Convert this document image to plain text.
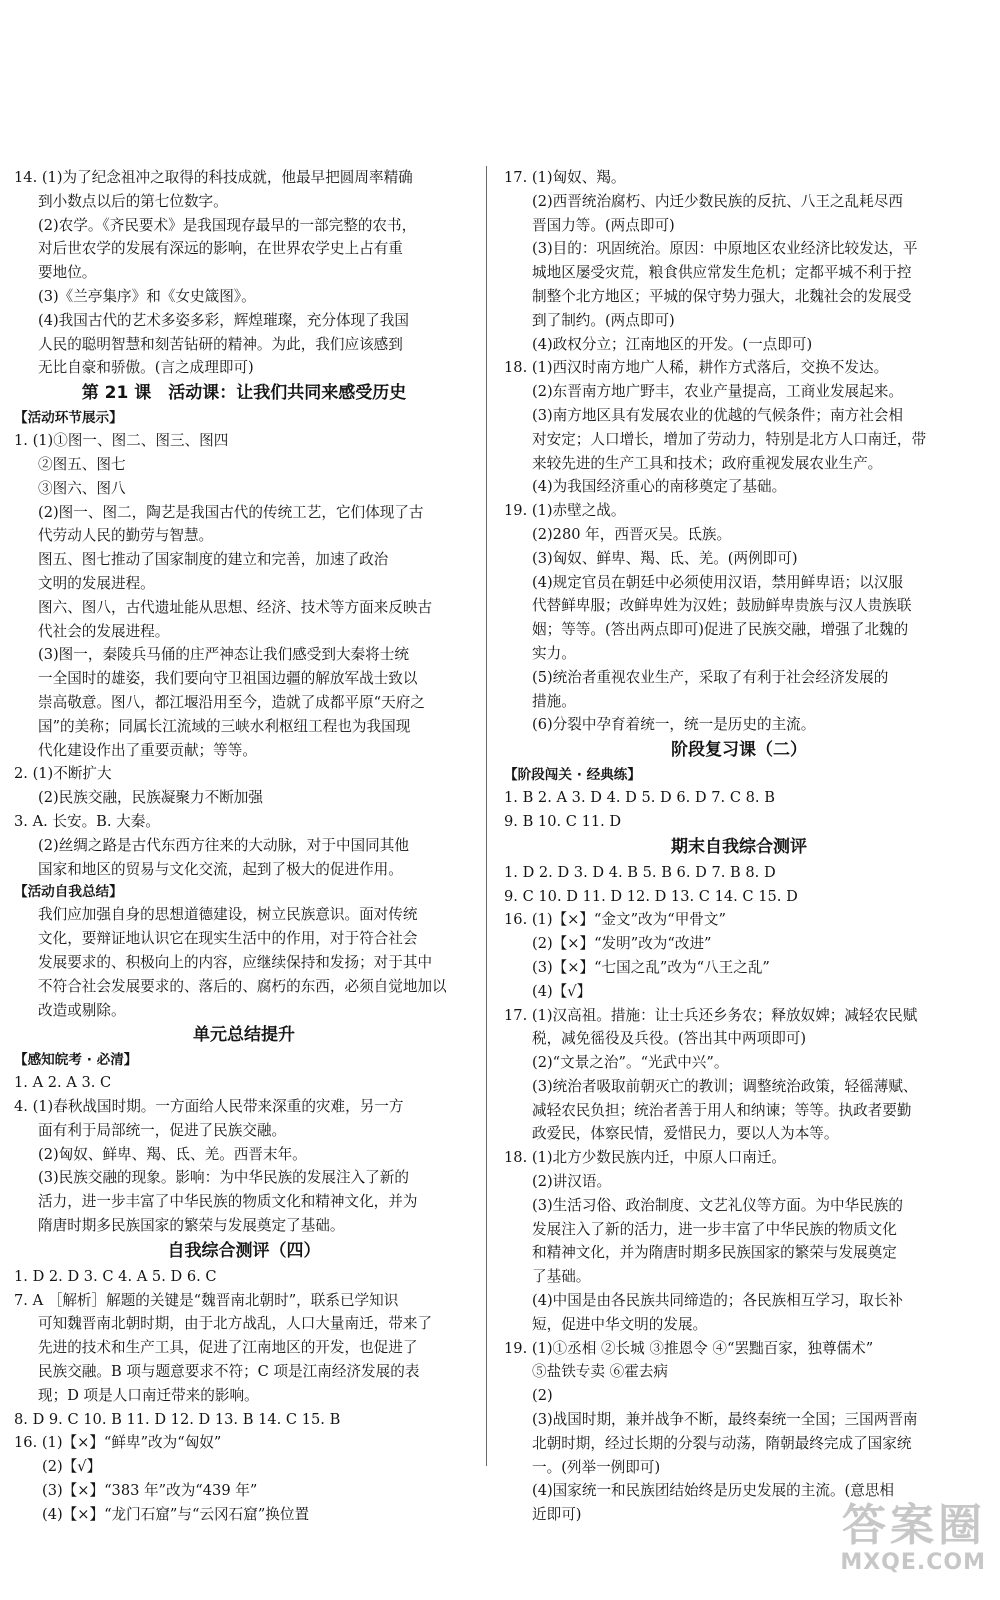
14. (1)为了纪念祖冲之取得的科技成就，他最早把圆周率精确
到小数点以后的第七位数字。
(2)农学。《齐民要术》是我国现存最早的一部完整的农书，
对后世农学的发展有深远的影响，在世界农学史上占有重
要地位。
(3)《兰亭集序》和《女史箴图》。
(4)我国古代的艺术多姿多彩，辉煌璀璨，充分体现了我国
人民的聪明智慧和刻苦钻研的精神。为此，我们应该感到
无比自豪和骄傲。(言之成理即可)
第 21 课　活动课：让我们共同来感受历史
【活动环节展示】
1. (1)①图一、图二、图三、图四
②图五、图七
③图六、图八
(2)图一、图二，陶艺是我国古代的传统工艺，它们体现了古
代劳动人民的勤劳与智慧。
图五、图七推动了国家制度的建立和完善，加速了政治
文明的发展进程。
图六、图八，古代遗址能从思想、经济、技术等方面来反映古
代社会的发展进程。
(3)图一，秦陵兵马俑的庄严神态让我们感受到大秦将士统
一全国时的雄姿，我们要向守卫祖国边疆的解放军战士致以
崇高敬意。图八，都江堰沿用至今，造就了成都平原“天府之
国”的美称；同属长江流域的三峡水利枢纽工程也为我国现
代化建设作出了重要贡献；等等。
2. (1)不断扩大
(2)民族交融，民族凝聚力不断加强
3. A. 长安。B. 大秦。
(2)丝绸之路是古代东西方往来的大动脉，对于中国同其他
国家和地区的贸易与文化交流，起到了极大的促进作用。
【活动自我总结】
我们应加强自身的思想道德建设，树立民族意识。面对传统
文化，要辩证地认识它在现实生活中的作用，对于符合社会
发展要求的、积极向上的内容，应继续保持和发扬；对于其中
不符合社会发展要求的、落后的、腐朽的东西，必须自觉地加以
改造或剔除。
单元总结提升
【感知皖考 · 必清】
1. A 2. A 3. C
4. (1)春秋战国时期。一方面给人民带来深重的灾难，另一方
面有利于局部统一，促进了民族交融。
(2)匈奴、鲜卑、羯、氐、羌。西晋末年。
(3)民族交融的现象。影响：为中华民族的发展注入了新的
活力，进一步丰富了中华民族的物质文化和精神文化，并为
隋唐时期多民族国家的繁荣与发展奠定了基础。
自我综合测评（四）
1. D 2. D 3. C 4. A 5. D 6. C
7. A ［解析］解题的关键是“魏晋南北朝时”，联系已学知识
可知魏晋南北朝时期，由于北方战乱，人口大量南迁，带来了
先进的技术和生产工具，促进了江南地区的开发，也促进了
民族交融。B 项与题意要求不符；C 项是江南经济发展的表
现；D 项是人口南迁带来的影响。
8. D 9. C 10. B 11. D 12. D 13. B 14. C 15. B
16. (1)【×】“鲜卑”改为“匈奴”
(2)【√】
(3)【×】“383 年”改为“439 年”
(4)【×】“龙门石窟”与“云冈石窟”换位置
17. (1)匈奴、羯。
(2)西晋统治腐朽、内迁少数民族的反抗、八王之乱耗尽西
晋国力等。(两点即可)
(3)目的：巩固统治。原因：中原地区农业经济比较发达，平
城地区屡受灾荒，粮食供应常发生危机；定都平城不利于控
制整个北方地区；平城的保守势力强大，北魏社会的发展受
到了制约。(两点即可)
(4)政权分立；江南地区的开发。(一点即可)
18. (1)西汉时南方地广人稀，耕作方式落后，交换不发达。
(2)东晋南方地广野丰，农业产量提高，工商业发展起来。
(3)南方地区具有发展农业的优越的气候条件；南方社会相
对安定；人口增长，增加了劳动力，特别是北方人口南迁，带
来较先进的生产工具和技术；政府重视发展农业生产。
(4)为我国经济重心的南移奠定了基础。
19. (1)赤壁之战。
(2)280 年，西晋灭吴。氐族。
(3)匈奴、鲜卑、羯、氐、羌。(两例即可)
(4)规定官员在朝廷中必须使用汉语，禁用鲜卑语；以汉服
代替鲜卑服；改鲜卑姓为汉姓；鼓励鲜卑贵族与汉人贵族联
姻；等等。(答出两点即可)促进了民族交融，增强了北魏的
实力。
(5)统治者重视农业生产，采取了有利于社会经济发展的
措施。
(6)分裂中孕育着统一，统一是历史的主流。
阶段复习课（二）
【阶段闯关 · 经典练】
1. B 2. A 3. D 4. D 5. D 6. D 7. C 8. B
9. B 10. C 11. D
期末自我综合测评
1. D 2. D 3. D 4. B 5. B 6. D 7. B 8. D
9. C 10. D 11. D 12. D 13. C 14. C 15. D
16. (1)【×】“金文”改为“甲骨文”
(2)【×】“发明”改为“改进”
(3)【×】“七国之乱”改为“八王之乱”
(4)【√】
17. (1)汉高祖。措施：让士兵还乡务农；释放奴婢；减轻农民赋
税，减免徭役及兵役。(答出其中两项即可)
(2)“文景之治”。“光武中兴”。
(3)统治者吸取前朝灭亡的教训；调整统治政策，轻徭薄赋、
减轻农民负担；统治者善于用人和纳谏；等等。执政者要勤
政爱民，体察民情，爱惜民力，要以人为本等。
18. (1)北方少数民族内迁，中原人口南迁。
(2)讲汉语。
(3)生活习俗、政治制度、文艺礼仪等方面。为中华民族的
发展注入了新的活力，进一步丰富了中华民族的物质文化
和精神文化，并为隋唐时期多民族国家的繁荣与发展奠定
了基础。
(4)中国是由各民族共同缔造的；各民族相互学习，取长补
短，促进中华文明的发展。
19. (1)①丞相 ②长城 ③推恩令 ④“罢黜百家，独尊儒术”
⑤盐铁专卖 ⑥霍去病
(2)
(3)战国时期，兼并战争不断，最终秦统一全国；三国两晋南
北朝时期，经过长期的分裂与动荡，隋朝最终完成了国家统
一。(列举一例即可)
(4)国家统一和民族团结始终是历史发展的主流。(意思相
近即可)	答案圈
MXQE.COM
